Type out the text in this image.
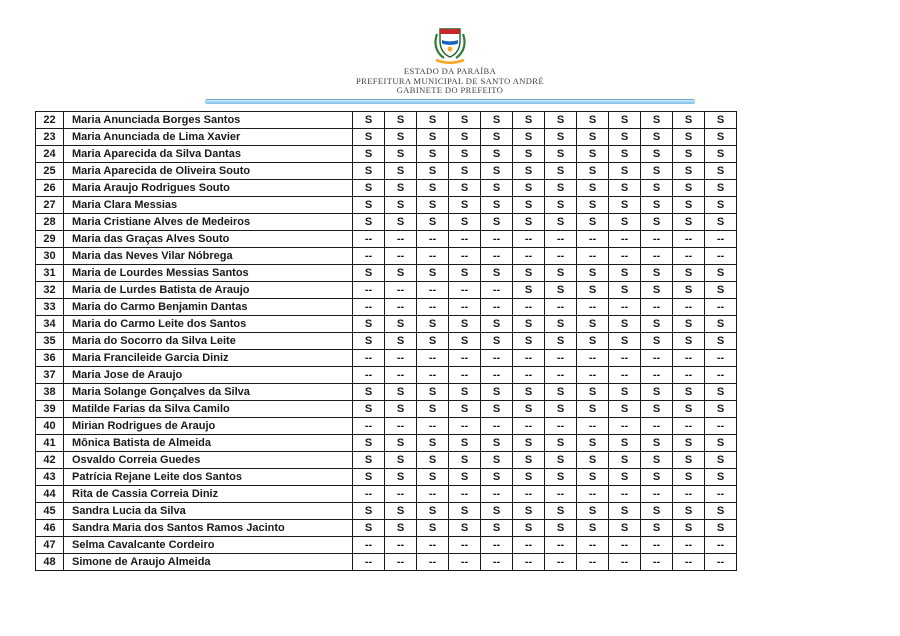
ESTADO DA PARAÍBA
PREFEITURA MUNICIPAL DE SANTO ANDRÉ
GABINETE DO PREFEITO
22	Maria Anunciada Borges Santos	S	S	S	S	S	S	S	S	S	S	S	S
23	Maria Anunciada de Lima Xavier	S	S	S	S	S	S	S	S	S	S	S	S
24	Maria Aparecida da Silva Dantas	S	S	S	S	S	S	S	S	S	S	S	S
25	Maria Aparecida de Oliveira Souto	S	S	S	S	S	S	S	S	S	S	S	S
26	Maria Araujo Rodrigues Souto	S	S	S	S	S	S	S	S	S	S	S	S
27	Maria Clara Messias	S	S	S	S	S	S	S	S	S	S	S	S
28	Maria Cristiane Alves de Medeiros	S	S	S	S	S	S	S	S	S	S	S	S
29	Maria das Graças Alves Souto	--	--	--	--	--	--	--	--	--	--	--	--
30	Maria das Neves Vilar Nóbrega	--	--	--	--	--	--	--	--	--	--	--	--
31	Maria de Lourdes Messias Santos	S	S	S	S	S	S	S	S	S	S	S	S
32	Maria de Lurdes Batista de Araujo	--	--	--	--	--	S	S	S	S	S	S	S
33	Maria do Carmo Benjamin Dantas	--	--	--	--	--	--	--	--	--	--	--	--
34	Maria do Carmo Leite dos Santos	S	S	S	S	S	S	S	S	S	S	S	S
35	Maria do Socorro da Silva Leite	S	S	S	S	S	S	S	S	S	S	S	S
36	Maria Francileide Garcia Diniz	--	--	--	--	--	--	--	--	--	--	--	--
37	Maria Jose de Araujo	--	--	--	--	--	--	--	--	--	--	--	--
38	Maria Solange Gonçalves da Silva	S	S	S	S	S	S	S	S	S	S	S	S
39	Matilde Farias da Silva Camilo	S	S	S	S	S	S	S	S	S	S	S	S
40	Mirian Rodrigues de Araujo	--	--	--	--	--	--	--	--	--	--	--	--
41	Mônica Batista de Almeida	S	S	S	S	S	S	S	S	S	S	S	S
42	Osvaldo Correia Guedes	S	S	S	S	S	S	S	S	S	S	S	S
43	Patrícia Rejane Leite dos Santos	S	S	S	S	S	S	S	S	S	S	S	S
44	Rita de Cassia Correia Diniz	--	--	--	--	--	--	--	--	--	--	--	--
45	Sandra Lucia da Silva	S	S	S	S	S	S	S	S	S	S	S	S
46	Sandra Maria dos Santos Ramos Jacinto	S	S	S	S	S	S	S	S	S	S	S	S
47	Selma Cavalcante Cordeiro	--	--	--	--	--	--	--	--	--	--	--	--
48	Simone de Araujo Almeida	--	--	--	--	--	--	--	--	--	--	--	--
